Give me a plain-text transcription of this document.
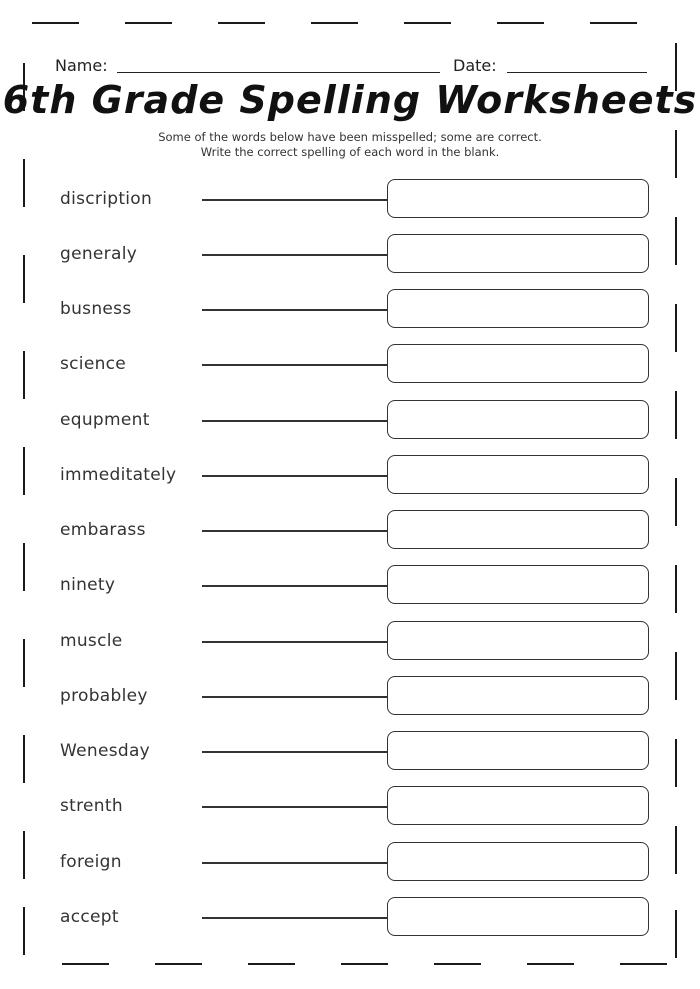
Name:	Date:
6th Grade Spelling Worksheets
Some of the words below have been misspelled; some are correct.
Write the correct spelling of each word in the blank.
discription
generaly
busness
science
equpment
immeditately
embarass
ninety
muscle
probabley
Wenesday
strenth
foreign
accept
